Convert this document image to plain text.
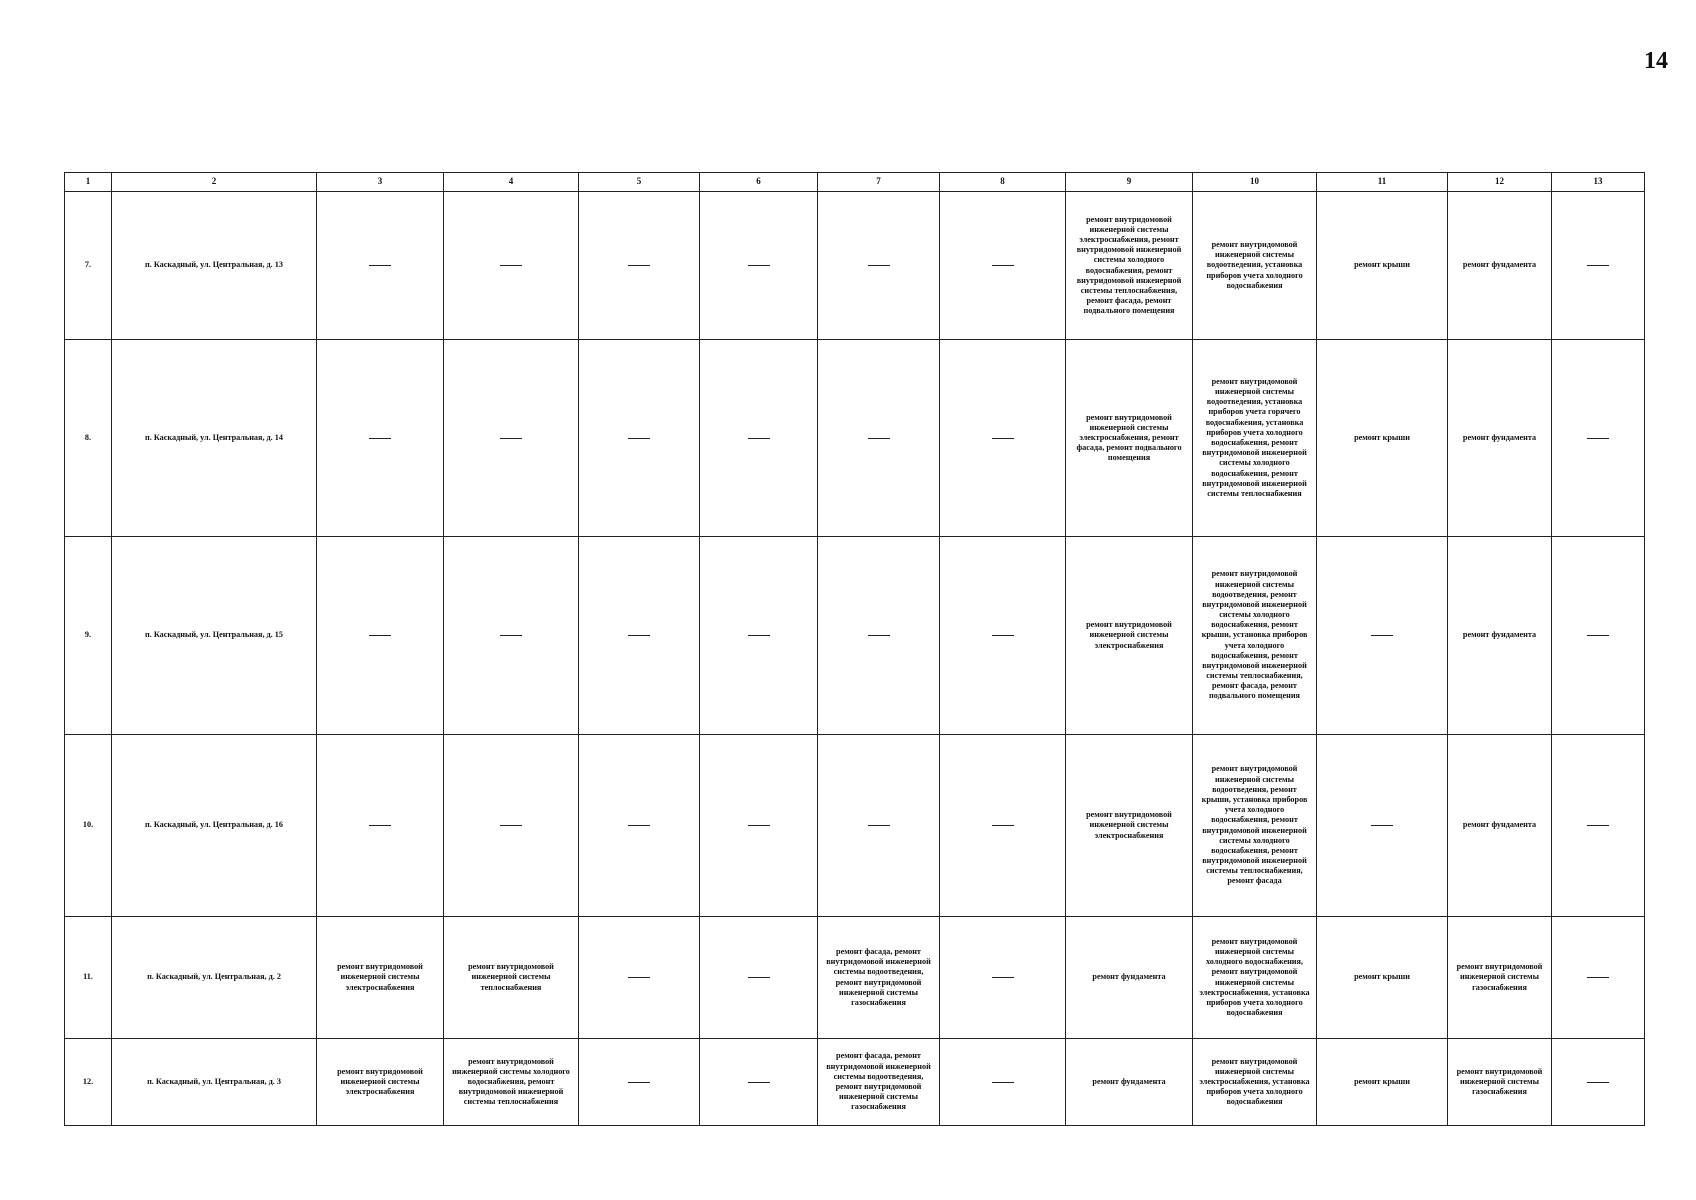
14
1	2	3	4	5	6	7	8	9	10	11	12	13
7.	п. Каскадный, ул. Центральная, д. 13							ремонт внутридомовой инженерной системы электроснабжения, ремонт внутридомовой инженерной системы холодного водоснабжения, ремонт внутридомовой инженерной системы теплоснабжения, ремонт фасада, ремонт подвального помещения	ремонт внутридомовой инженерной системы водоотведения, установка приборов учета холодного водоснабжения	ремонт крыши	ремонт фундамента	
8.	п. Каскадный, ул. Центральная, д. 14							ремонт внутридомовой инженерной системы электроснабжения, ремонт фасада, ремонт подвального помещения	ремонт внутридомовой инженерной системы водоотведения, установка приборов учета горячего водоснабжения, установка приборов учета холодного водоснабжения, ремонт внутридомовой инженерной системы холодного водоснабжения, ремонт внутридомовой инженерной системы теплоснабжения	ремонт крыши	ремонт фундамента	
9.	п. Каскадный, ул. Центральная, д. 15							ремонт внутридомовой инженерной системы электроснабжения	ремонт внутридомовой инженерной системы водоотведения, ремонт внутридомовой инженерной системы холодного водоснабжения, ремонт крыши, установка приборов учета холодного водоснабжения, ремонт внутридомовой инженерной системы теплоснабжения, ремонт фасада, ремонт подвального помещения		ремонт фундамента	
10.	п. Каскадный, ул. Центральная, д. 16							ремонт внутридомовой инженерной системы электроснабжения	ремонт внутридомовой инженерной системы водоотведения, ремонт крыши, установка приборов учета холодного водоснабжения, ремонт внутридомовой инженерной системы холодного водоснабжения, ремонт внутридомовой инженерной системы теплоснабжения, ремонт фасада		ремонт фундамента	
11.	п. Каскадный, ул. Центральная, д. 2	ремонт внутридомовой инженерной системы электроснабжения	ремонт внутридомовой инженерной системы теплоснабжения			ремонт фасада, ремонт внутридомовой инженерной системы водоотведения, ремонт внутридомовой инженерной системы газоснабжения		ремонт фундамента	ремонт внутридомовой инженерной системы холодного водоснабжения, ремонт внутридомовой инженерной системы электроснабжения, установка приборов учета холодного водоснабжения	ремонт крыши	ремонт внутридомовой инженерной системы газоснабжения	
12.	п. Каскадный, ул. Центральная, д. 3	ремонт внутридомовой инженерной системы электроснабжения	ремонт внутридомовой инженерной системы холодного водоснабжения, ремонт внутридомовой инженерной системы теплоснабжения			ремонт фасада, ремонт внутридомовой инженерной системы водоотведения, ремонт внутридомовой инженерной системы газоснабжения		ремонт фундамента	ремонт внутридомовой инженерной системы электроснабжения, установка приборов учета холодного водоснабжения	ремонт крыши	ремонт внутридомовой инженерной системы газоснабжения	
